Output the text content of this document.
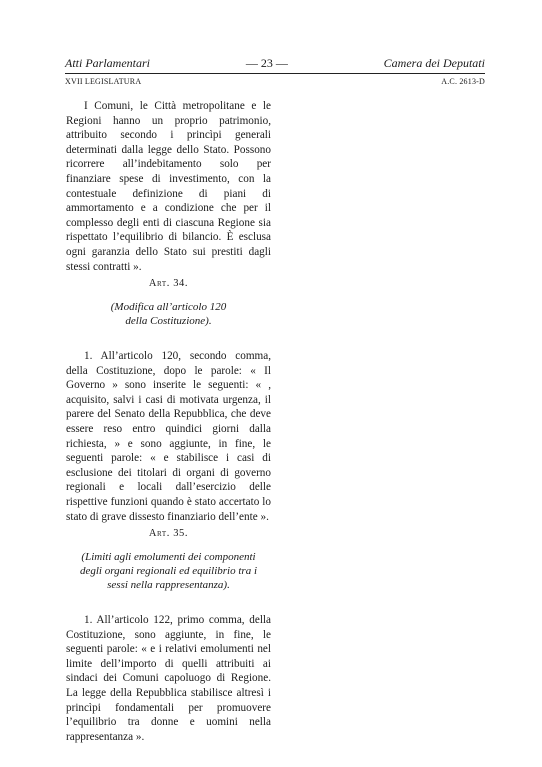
Atti Parlamentari	— 23 —	Camera dei Deputati
XVII LEGISLATURA	A.C. 2613-D

I Comuni, le Città metropolitane e le Regioni hanno un proprio patrimonio, attribuito secondo i princìpi generali determinati dalla legge dello Stato. Possono ricorrere all’indebitamento solo per finanziare spese di investimento, con la contestuale definizione di piani di ammortamento e a condizione che per il complesso degli enti di ciascuna Regione sia rispettato l’equilibrio di bilancio. È esclusa ogni garanzia dello Stato sui prestiti dagli stessi contratti ».

Art. 34.

(Modifica all’articolo 120

della Costituzione).

1. All’articolo 120, secondo comma, della Costituzione, dopo le parole: « Il Governo » sono inserite le seguenti: « , acquisito, salvi i casi di motivata urgenza, il parere del Senato della Repubblica, che deve essere reso entro quindici giorni dalla richiesta, » e sono aggiunte, in fine, le seguenti parole: « e stabilisce i casi di esclusione dei titolari di organi di governo regionali e locali dall’esercizio delle rispettive funzioni quando è stato accertato lo stato di grave dissesto finanziario dell’ente ».

Art. 35.

(Limiti agli emolumenti dei componenti

degli organi regionali ed equilibrio tra i

sessi nella rappresentanza).

1. All’articolo 122, primo comma, della Costituzione, sono aggiunte, in fine, le seguenti parole: « e i relativi emolumenti nel limite dell’importo di quelli attribuiti ai sindaci dei Comuni capoluogo di Regione. La legge della Repubblica stabilisce altresì i princìpi fondamentali per promuovere l’equilibrio tra donne e uomini nella rappresentanza ».
